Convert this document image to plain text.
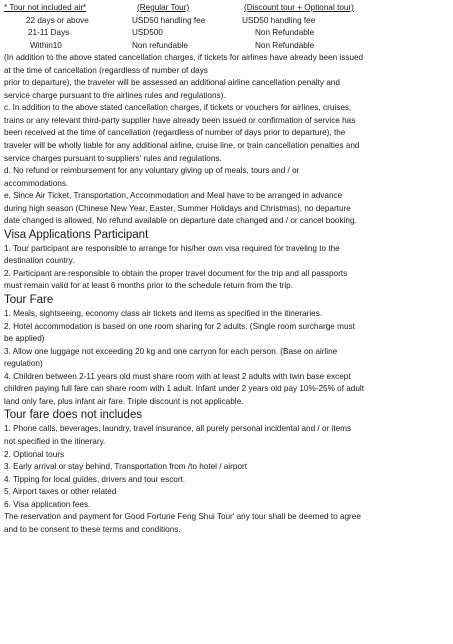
* Tour not included air*	(Regular Tour)	(Discount tour + Optional tour)

22 days or above	USD50 handling fee	USD50 handling fee

21-11 Days	USD500	Non Refundable

Within10	Non refundable	Non Refundable

(In addition to the above stated cancellation charges, if tickets for airlines have already been issued

at the time of cancellation (regardless of number of days

prior to departure), the traveler will be assessed an additional airline cancellation penalty and

service charge pursuant to the airlines rules and regulations).

c. In addition to the above stated cancellation charges, if tickets or vouchers for airlines, cruises,

trains or any relevant third-party supplier have already been issued or confirmation of service has

been received at the time of cancellation (regardless of number of days prior to departure), the

traveler will be wholly liable for any additional airline, cruise line, or train cancellation penalties and

service charges pursuant to suppliers' rules and regulations.

d. No refund or reimbursement for any voluntary giving up of meals, tours and / or

accommodations.

e. Since Air Ticket, Transportation, Accommodation and Meal have to be arranged in advance

during high season (Chinese New Year, Easter, Summer Holidays and Christmas), no departure

date changed is allowed, No refund available on departure date changed and / or cancel booking.

Visa Applications Participant

1. Tour participant are responsible to arrange for his/her own visa required for traveling to the

destination country.

2. Participant are responsible to obtain the proper travel document for the trip and all passports

must remain valid for at least 6 months prior to the schedule return from the trip.

Tour Fare

1. Meals, sightseeing, economy class air tickets and items as specified in the itineraries.

2. Hotel accommodation is based on one room sharing for 2 adults. (Single room surcharge must

be applied)

3. Allow one luggage not exceeding 20 kg and one carryon for each person. (Base on airline

regulation)

4. Children between 2-11 years old must share room with at least 2 adults with twin base except

children paying full fare can share room with 1 adult. Infant under 2 years old pay 10%-25% of adult

land only fare, plus infant air fare. Triple discount is not applicable.

Tour fare does not includes

1. Phone calls, beverages, laundry, travel insurance, all purely personal incidental and / or items

not specified in the itinerary.

2. Optional tours

3. Early arrival or stay behind, Transportation from /to hotel / airport

4. Tipping for local guides, drivers and tour escort.

5. Airport taxes or other related

6. Visa application fees.

The reservation and payment for Good Fortune Feng Shui Tour' any tour shall be deemed to agree

and to be consent to these terms and conditions.
